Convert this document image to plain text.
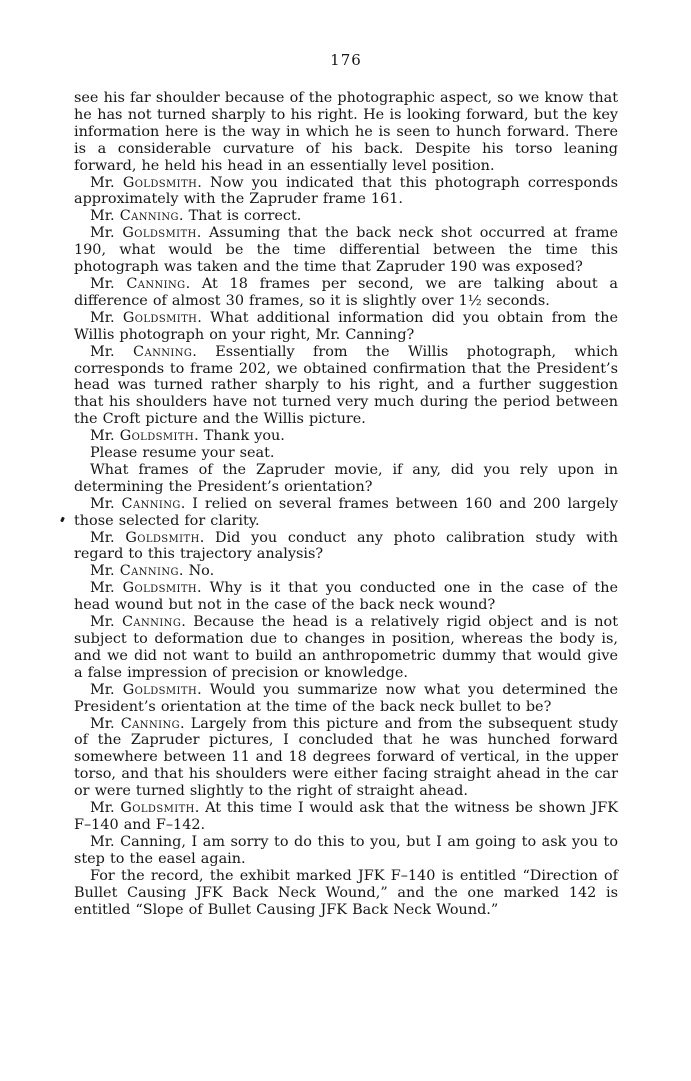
176

see his far shoulder because of the photographic aspect, so we know that he has not turned sharply to his right. He is looking forward, but the key information here is the way in which he is seen to hunch forward. There is a considerable curvature of his back. Despite his torso leaning forward, he held his head in an essentially level position.

Mr. Goldsmith. Now you indicated that this photograph corresponds approximately with the Zapruder frame 161.

Mr. Canning. That is correct.

Mr. Goldsmith. Assuming that the back neck shot occurred at frame 190, what would be the time differential between the time this photograph was taken and the time that Zapruder 190 was exposed?

Mr. Canning. At 18 frames per second, we are talking about a difference of almost 30 frames, so it is slightly over 1½ seconds.

Mr. Goldsmith. What additional information did you obtain from the Willis photograph on your right, Mr. Canning?

Mr. Canning. Essentially from the Willis photograph, which corresponds to frame 202, we obtained confirmation that the President’s head was turned rather sharply to his right, and a further suggestion that his shoulders have not turned very much during the period between the Croft picture and the Willis picture.

Mr. Goldsmith. Thank you.

Please resume your seat.

What frames of the Zapruder movie, if any, did you rely upon in determining the President’s orientation?

Mr. Canning. I relied on several frames between 160 and 200 largely those selected for clarity.

Mr. Goldsmith. Did you conduct any photo calibration study with regard to this trajectory analysis?

Mr. Canning. No.

Mr. Goldsmith. Why is it that you conducted one in the case of the head wound but not in the case of the back neck wound?

Mr. Canning. Because the head is a relatively rigid object and is not subject to deformation due to changes in position, whereas the body is, and we did not want to build an anthropometric dummy that would give a false impression of precision or knowledge.

Mr. Goldsmith. Would you summarize now what you determined the President’s orientation at the time of the back neck bullet to be?

Mr. Canning. Largely from this picture and from the subsequent study of the Zapruder pictures, I concluded that he was hunched forward somewhere between 11 and 18 degrees forward of vertical, in the upper torso, and that his shoulders were either facing straight ahead in the car or were turned slightly to the right of straight ahead.

Mr. Goldsmith. At this time I would ask that the witness be shown JFK F–140 and F–142.

Mr. Canning, I am sorry to do this to you, but I am going to ask you to step to the easel again.

For the record, the exhibit marked JFK F–140 is entitled “Direction of Bullet Causing JFK Back Neck Wound,” and the one marked 142 is entitled “Slope of Bullet Causing JFK Back Neck Wound.”
